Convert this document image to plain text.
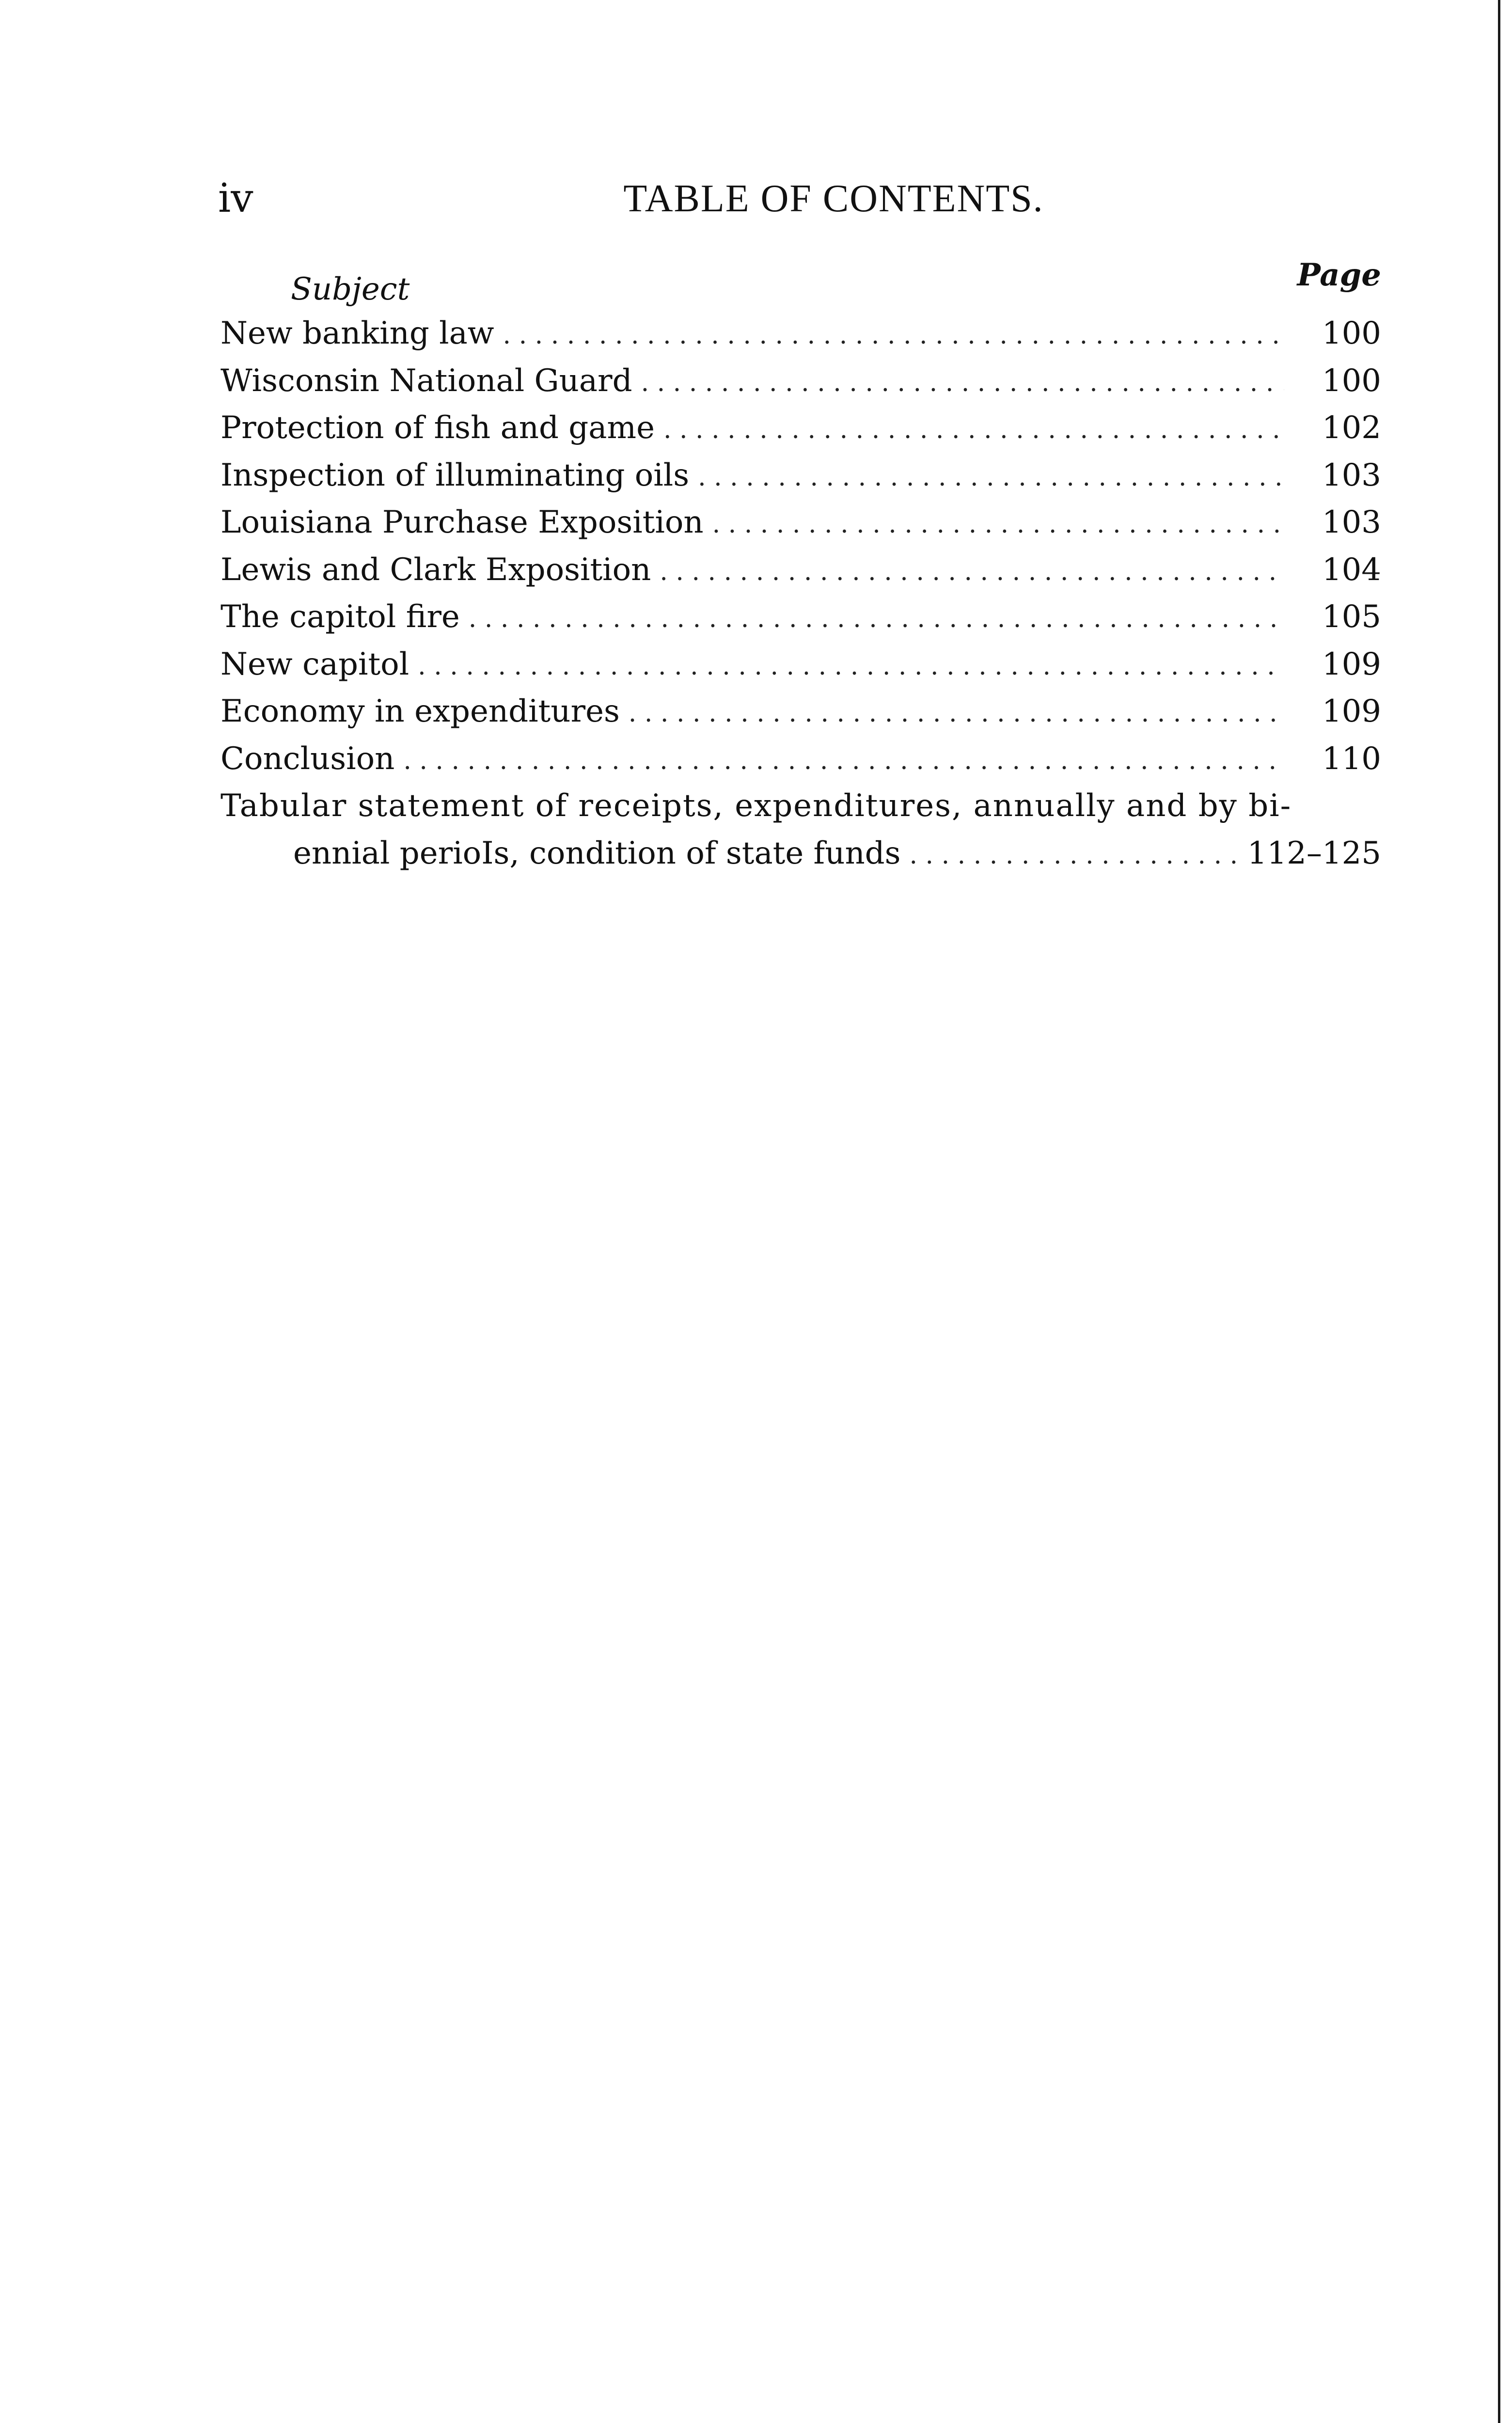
iv	TABLE OF CONTENTS.
Subject	Page
New banking law . . .	100
Wisconsin National Guard . . .	100
Protection of fish and game . . .	102
Inspection of illuminating oils . . .	103
Louisiana Purchase Exposition . . .	103
Lewis and Clark Exposition . . .	104
The capitol fire . . .	105
New capitol . . .	109
Economy in expenditures . . .	109
Conclusion . . .	110
Tabular statement of receipts, expenditures, annually and by bi-
ennial perioIs, condition of state funds . . .	112–125
